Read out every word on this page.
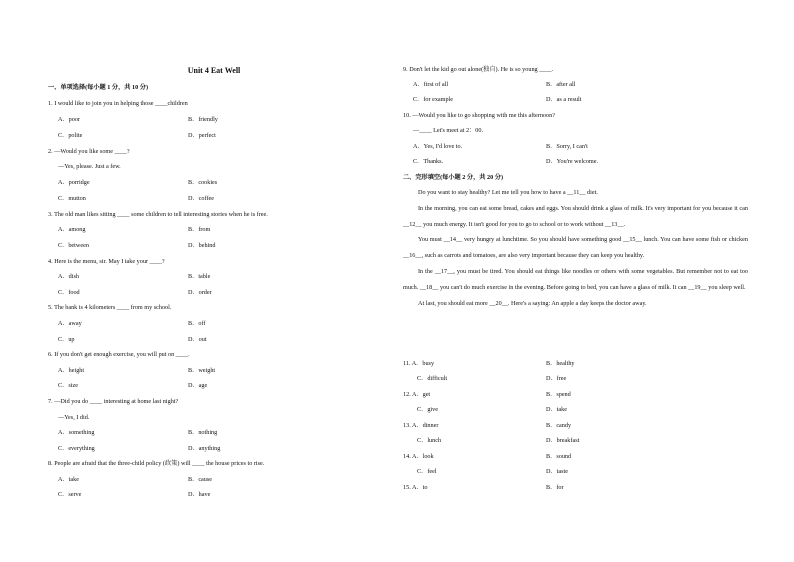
Unit 4 Eat Well
一、单项选择(每小题 1 分，共 10 分)
1. I would like to join you in helping those ____children
A．poor	B．friendly
C．polite	D．perfect
2. —Would you like some ____?
—Yes, please. Just a few.
A．porridge	B．cookies
C．mutton	D．coffee
3. The old man likes sitting ____ some children to tell interesting stories when he is free.
A．among	B．from
C．between	D．behind
4. Here is the menu, sir. May I take your ____?
A．dish	B．table
C．food	D．order
5. The bank is 4 kilometers ____ from my school.
A．away	B．off
C．up	D．out
6. If you don't get enough exercise, you will put on ____.
A．height	B．weight
C．size	D．age
7. —Did you do ____ interesting at home last night?
—Yes, I did.
A．something	B．nothing
C．everything	D．anything
8. People are afraid that the three-child policy (政策) will ____ the house prices to rise.
A．take	B．cause
C．serve	D．have
9. Don't let the kid go out alone(独自). He is so young ____.
A．first of all	B．after all
C．for example	D．as a result
10. —Would you like to go shopping with me this afternoon?
—____ Let's meet at 2：00.
A．Yes, I'd love to.	B．Sorry, I can't
C．Thanks.	D．You're welcome.
二、完形填空(每小题 2 分，共 20 分)

Do you want to stay healthy? Let me tell you how to have a __11__ diet.

In the morning, you can eat some bread, cakes and eggs. You should drink a glass of milk. It's very important for you because it can __12__ you much energy. It isn't good for you to go to school or to work without __13__.

You must __14__ very hungry at lunchtime. So you should have something good __15__ lunch. You can have some fish or chicken __16__, such as carrots and tomatoes, are also very important because they can keep you healthy.

In the __17__, you must be tired. You should eat things like noodles or others with some vegetables. But remember not to eat too much. __18__ you can't do much exercise in the evening. Before going to bed, you can have a glass of milk. It can __19__ you sleep well.

At last, you should eat more __20__. Here's a saying: An apple a day keeps the doctor away.

11. A．busy	B．healthy
C．difficult	D．free
12. A．get	B．spend
C．give	D．take
13. A．dinner	B．candy
C．lunch	D．breakfast
14. A．look	B．sound
C．feel	D．taste
15. A．to	B．for
